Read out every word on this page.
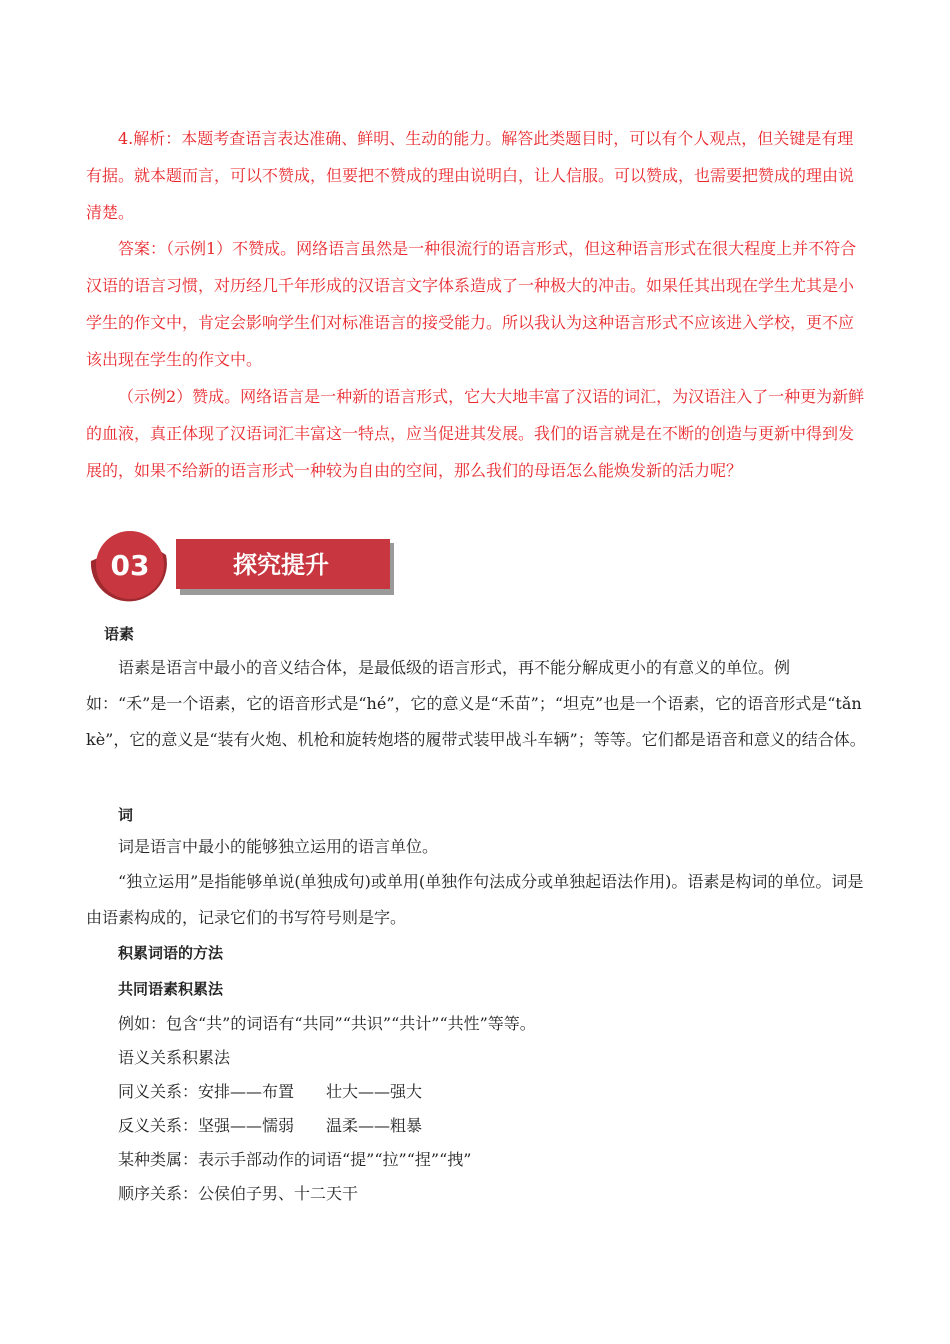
4.解析：本题考查语言表达准确、鲜明、生动的能力。解答此类题目时，可以有个人观点，但关键是有理有据。就本题而言，可以不赞成，但要把不赞成的理由说明白，让人信服。可以赞成，也需要把赞成的理由说清楚。

答案：（示例1）不赞成。网络语言虽然是一种很流行的语言形式，但这种语言形式在很大程度上并不符合汉语的语言习惯，对历经几千年形成的汉语言文字体系造成了一种极大的冲击。如果任其出现在学生尤其是小学生的作文中，肯定会影响学生们对标准语言的接受能力。所以我认为这种语言形式不应该进入学校，更不应该出现在学生的作文中。

（示例2）赞成。网络语言是一种新的语言形式，它大大地丰富了汉语的词汇，为汉语注入了一种更为新鲜的血液，真正体现了汉语词汇丰富这一特点，应当促进其发展。我们的语言就是在不断的创造与更新中得到发展的，如果不给新的语言形式一种较为自由的空间，那么我们的母语怎么能焕发新的活力呢？

03	探究提升
语素

语素是语言中最小的音义结合体，是最低级的语言形式，再不能分解成更小的有意义的单位。例如：“禾”是一个语素，它的语音形式是“hé”，它的意义是“禾苗”；“坦克”也是一个语素，它的语音形式是“tǎn kè”，它的意义是“装有火炮、机枪和旋转炮塔的履带式装甲战斗车辆”；等等。它们都是语音和意义的结合体。

词
词是语言中最小的能够独立运用的语言单位。

“独立运用”是指能够单说(单独成句)或单用(单独作句法成分或单独起语法作用)。语素是构词的单位。词是由语素构成的，记录它们的书写符号则是字。

积累词语的方法
共同语素积累法
例如：包含“共”的词语有“共同”“共识”“共计”“共性”等等。
语义关系积累法
同义关系：安排——布置　　壮大——强大
反义关系：坚强——懦弱　　温柔——粗暴
某种类属：表示手部动作的词语“提”“拉”“捏”“拽”
顺序关系：公侯伯子男、十二天干
